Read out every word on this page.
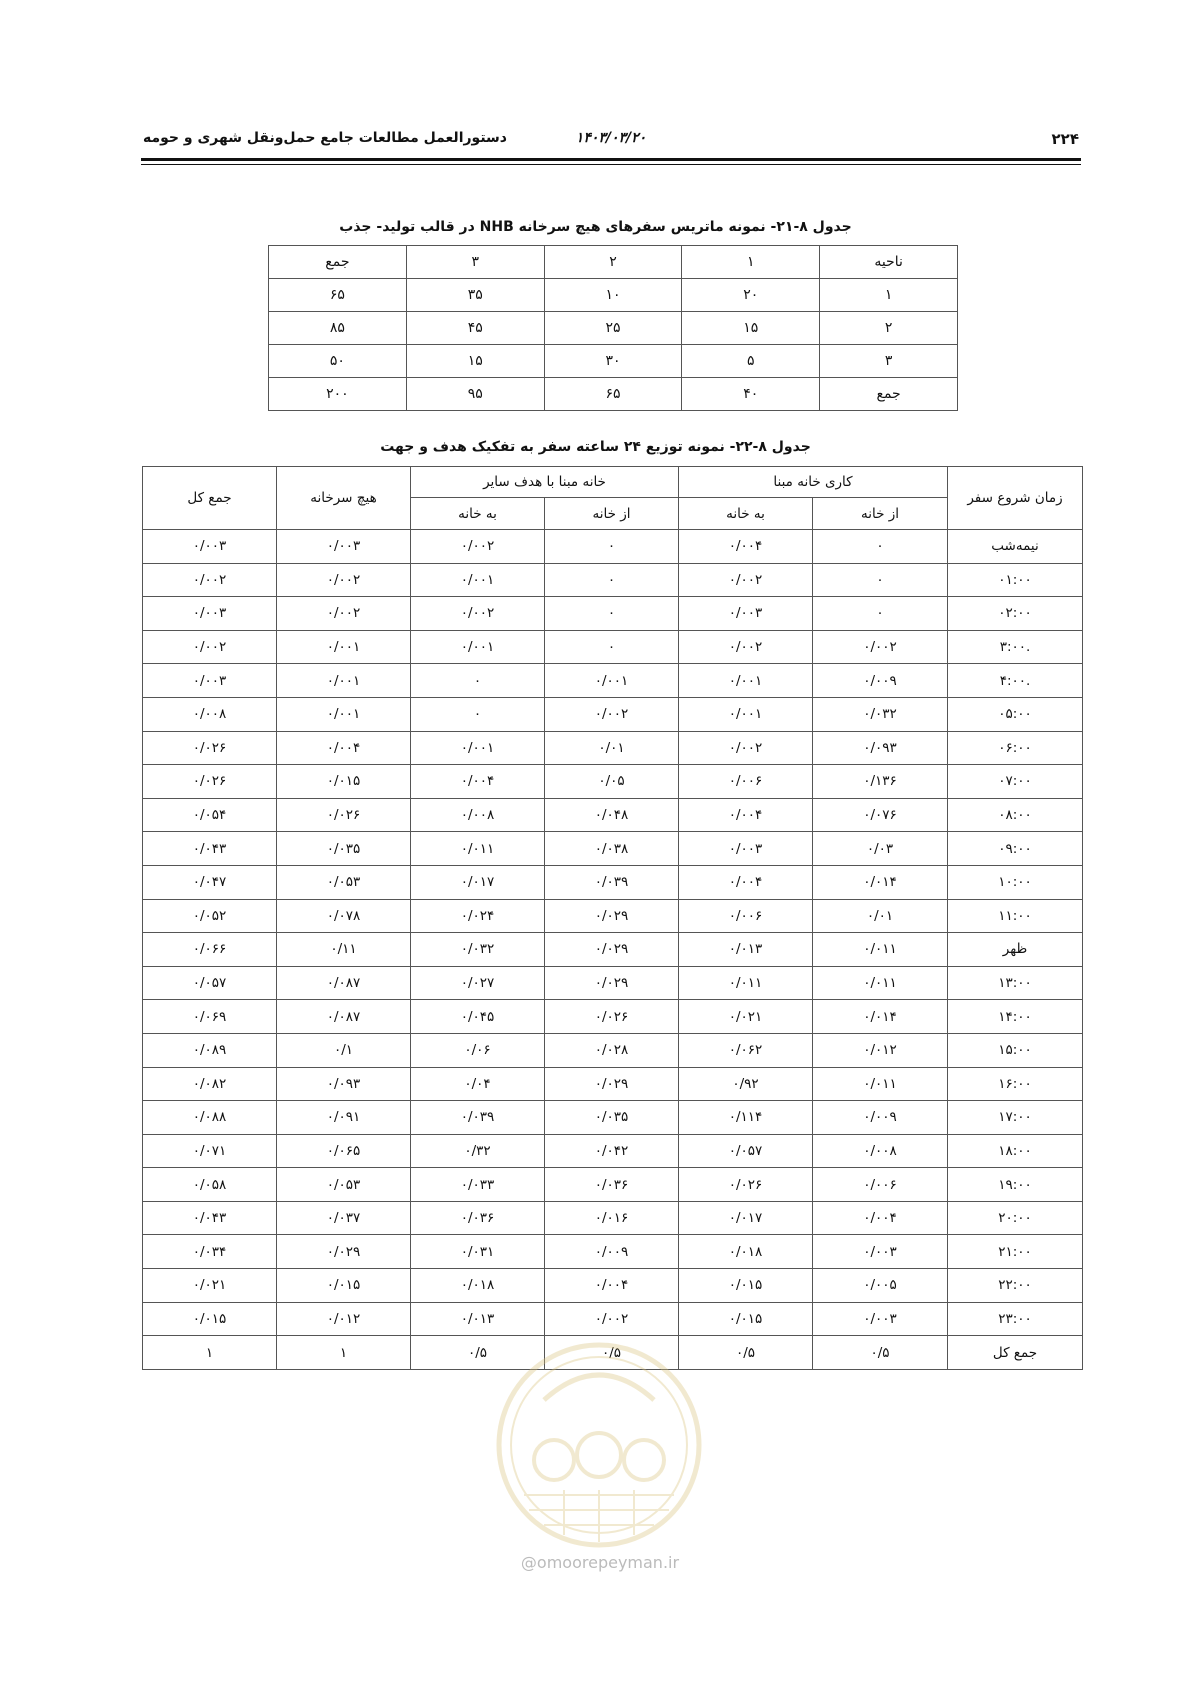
۲۲۴
۱۴۰۳/۰۳/۲۰
دستورالعمل مطالعات جامع حمل‌ونقل شهری و حومه
جدول ۸-۲۱- نمونه ماتریس سفرهای هیچ سرخانه NHB در قالب تولید- جذب
ناحیه	۱	۲	۳	جمع
۱	۲۰	۱۰	۳۵	۶۵
۲	۱۵	۲۵	۴۵	۸۵
۳	۵	۳۰	۱۵	۵۰
جمع	۴۰	۶۵	۹۵	۲۰۰
جدول ۸-۲۲- نمونه توزیع ۲۴ ساعته سفر به تفکیک هدف و جهت
زمان شروع سفر	کاری خانه مبنا		خانه مبنا با هدف سایر		هیچ سرخانه	جمع کل
	از خانه	به خانه	از خانه	به خانه		
نیمه‌شب	۰	۰/۰۰۴	۰	۰/۰۰۲	۰/۰۰۳	۰/۰۰۳
۰۱:۰۰	۰	۰/۰۰۲	۰	۰/۰۰۱	۰/۰۰۲	۰/۰۰۲
۰۲:۰۰	۰	۰/۰۰۳	۰	۰/۰۰۲	۰/۰۰۲	۰/۰۰۳
.۳:۰۰	۰/۰۰۲	۰/۰۰۲	۰	۰/۰۰۱	۰/۰۰۱	۰/۰۰۲
.۴:۰۰	۰/۰۰۹	۰/۰۰۱	۰/۰۰۱	۰	۰/۰۰۱	۰/۰۰۳
۰۵:۰۰	۰/۰۳۲	۰/۰۰۱	۰/۰۰۲	۰	۰/۰۰۱	۰/۰۰۸
۰۶:۰۰	۰/۰۹۳	۰/۰۰۲	۰/۰۱	۰/۰۰۱	۰/۰۰۴	۰/۰۲۶
۰۷:۰۰	۰/۱۳۶	۰/۰۰۶	۰/۰۵	۰/۰۰۴	۰/۰۱۵	۰/۰۲۶
۰۸:۰۰	۰/۰۷۶	۰/۰۰۴	۰/۰۴۸	۰/۰۰۸	۰/۰۲۶	۰/۰۵۴
۰۹:۰۰	۰/۰۳	۰/۰۰۳	۰/۰۳۸	۰/۰۱۱	۰/۰۳۵	۰/۰۴۳
۱۰:۰۰	۰/۰۱۴	۰/۰۰۴	۰/۰۳۹	۰/۰۱۷	۰/۰۵۳	۰/۰۴۷
۱۱:۰۰	۰/۰۱	۰/۰۰۶	۰/۰۲۹	۰/۰۲۴	۰/۰۷۸	۰/۰۵۲
ظهر	۰/۰۱۱	۰/۰۱۳	۰/۰۲۹	۰/۰۳۲	۰/۱۱	۰/۰۶۶
۱۳:۰۰	۰/۰۱۱	۰/۰۱۱	۰/۰۲۹	۰/۰۲۷	۰/۰۸۷	۰/۰۵۷
۱۴:۰۰	۰/۰۱۴	۰/۰۲۱	۰/۰۲۶	۰/۰۴۵	۰/۰۸۷	۰/۰۶۹
۱۵:۰۰	۰/۰۱۲	۰/۰۶۲	۰/۰۲۸	۰/۰۶	۰/۱	۰/۰۸۹
۱۶:۰۰	۰/۰۱۱	۰/۹۲	۰/۰۲۹	۰/۰۴	۰/۰۹۳	۰/۰۸۲
۱۷:۰۰	۰/۰۰۹	۰/۱۱۴	۰/۰۳۵	۰/۰۳۹	۰/۰۹۱	۰/۰۸۸
۱۸:۰۰	۰/۰۰۸	۰/۰۵۷	۰/۰۴۲	۰/۳۲	۰/۰۶۵	۰/۰۷۱
۱۹:۰۰	۰/۰۰۶	۰/۰۲۶	۰/۰۳۶	۰/۰۳۳	۰/۰۵۳	۰/۰۵۸
۲۰:۰۰	۰/۰۰۴	۰/۰۱۷	۰/۰۱۶	۰/۰۳۶	۰/۰۳۷	۰/۰۴۳
۲۱:۰۰	۰/۰۰۳	۰/۰۱۸	۰/۰۰۹	۰/۰۳۱	۰/۰۲۹	۰/۰۳۴
۲۲:۰۰	۰/۰۰۵	۰/۰۱۵	۰/۰۰۴	۰/۰۱۸	۰/۰۱۵	۰/۰۲۱
۲۳:۰۰	۰/۰۰۳	۰/۰۱۵	۰/۰۰۲	۰/۰۱۳	۰/۰۱۲	۰/۰۱۵
جمع کل	۰/۵	۰/۵	۰/۵	۰/۵	۱	۱
@omoorepeyman.ir
